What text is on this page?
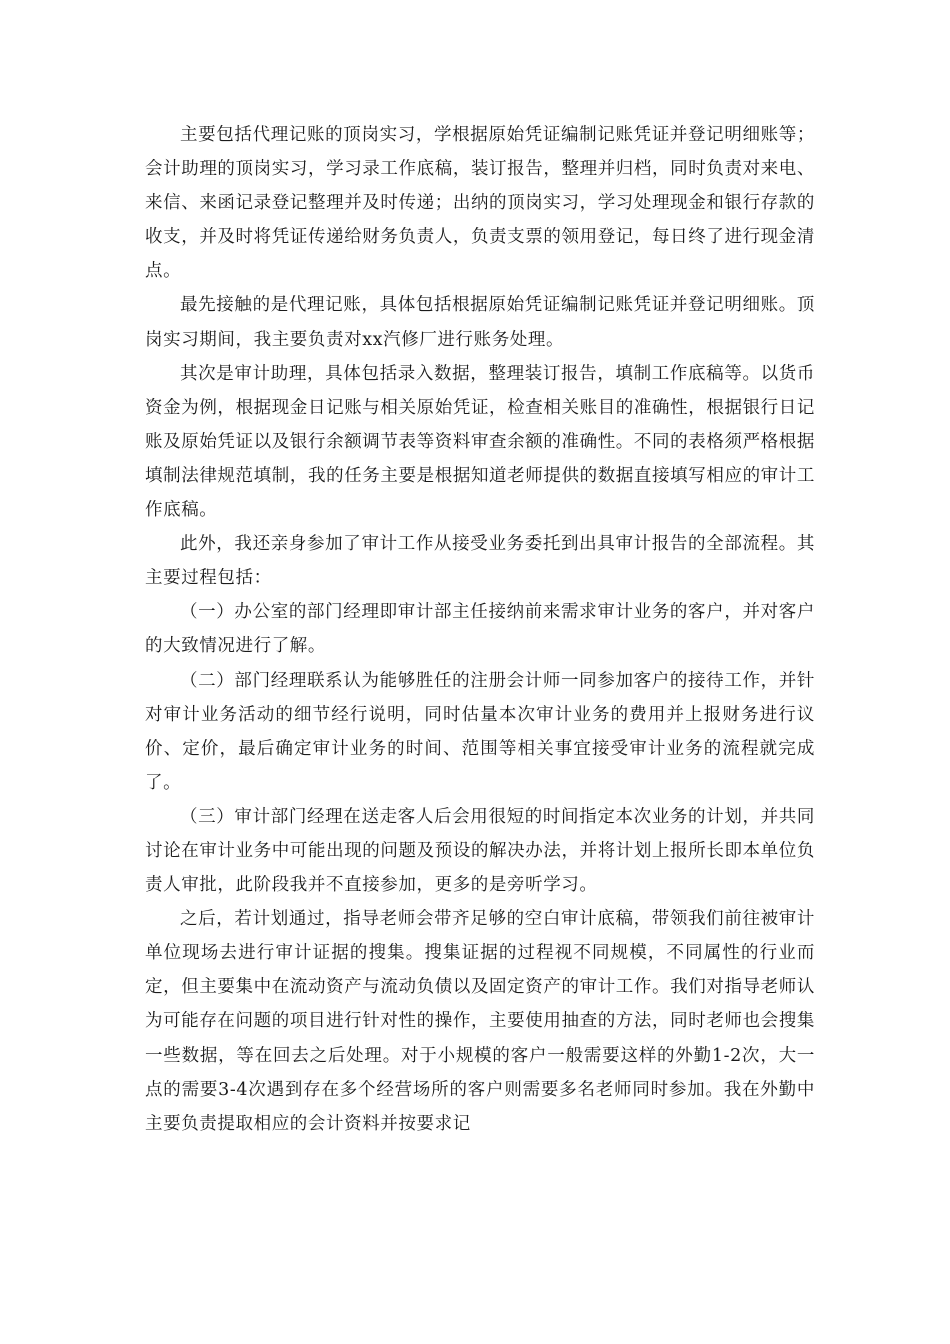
主要包括代理记账的顶岗实习，学根据原始凭证编制记账凭证并登记明细账等；会计助理的顶岗实习，学习录工作底稿，装订报告，整理并归档，同时负责对来电、来信、来函记录登记整理并及时传递；出纳的顶岗实习，学习处理现金和银行存款的收支，并及时将凭证传递给财务负责人，负责支票的领用登记，每日终了进行现金清点。

最先接触的是代理记账，具体包括根据原始凭证编制记账凭证并登记明细账。顶岗实习期间，我主要负责对xx汽修厂进行账务处理。

其次是审计助理，具体包括录入数据，整理装订报告，填制工作底稿等。以货币资金为例，根据现金日记账与相关原始凭证，检查相关账目的准确性，根据银行日记账及原始凭证以及银行余额调节表等资料审查余额的准确性。不同的表格须严格根据填制法律规范填制，我的任务主要是根据知道老师提供的数据直接填写相应的审计工作底稿。

此外，我还亲身参加了审计工作从接受业务委托到出具审计报告的全部流程。其主要过程包括：

（一）办公室的部门经理即审计部主任接纳前来需求审计业务的客户，并对客户的大致情况进行了解。

（二）部门经理联系认为能够胜任的注册会计师一同参加客户的接待工作，并针对审计业务活动的细节经行说明，同时估量本次审计业务的费用并上报财务进行议价、定价，最后确定审计业务的时间、范围等相关事宜接受审计业务的流程就完成了。

（三）审计部门经理在送走客人后会用很短的时间指定本次业务的计划，并共同讨论在审计业务中可能出现的问题及预设的解决办法，并将计划上报所长即本单位负责人审批，此阶段我并不直接参加，更多的是旁听学习。

之后，若计划通过，指导老师会带齐足够的空白审计底稿，带领我们前往被审计单位现场去进行审计证据的搜集。搜集证据的过程视不同规模，不同属性的行业而定，但主要集中在流动资产与流动负债以及固定资产的审计工作。我们对指导老师认为可能存在问题的项目进行针对性的操作，主要使用抽查的方法，同时老师也会搜集一些数据，等在回去之后处理。对于小规模的客户一般需要这样的外勤1-2次，大一点的需要3-4次遇到存在多个经营场所的客户则需要多名老师同时参加。我在外勤中主要负责提取相应的会计资料并按要求记
